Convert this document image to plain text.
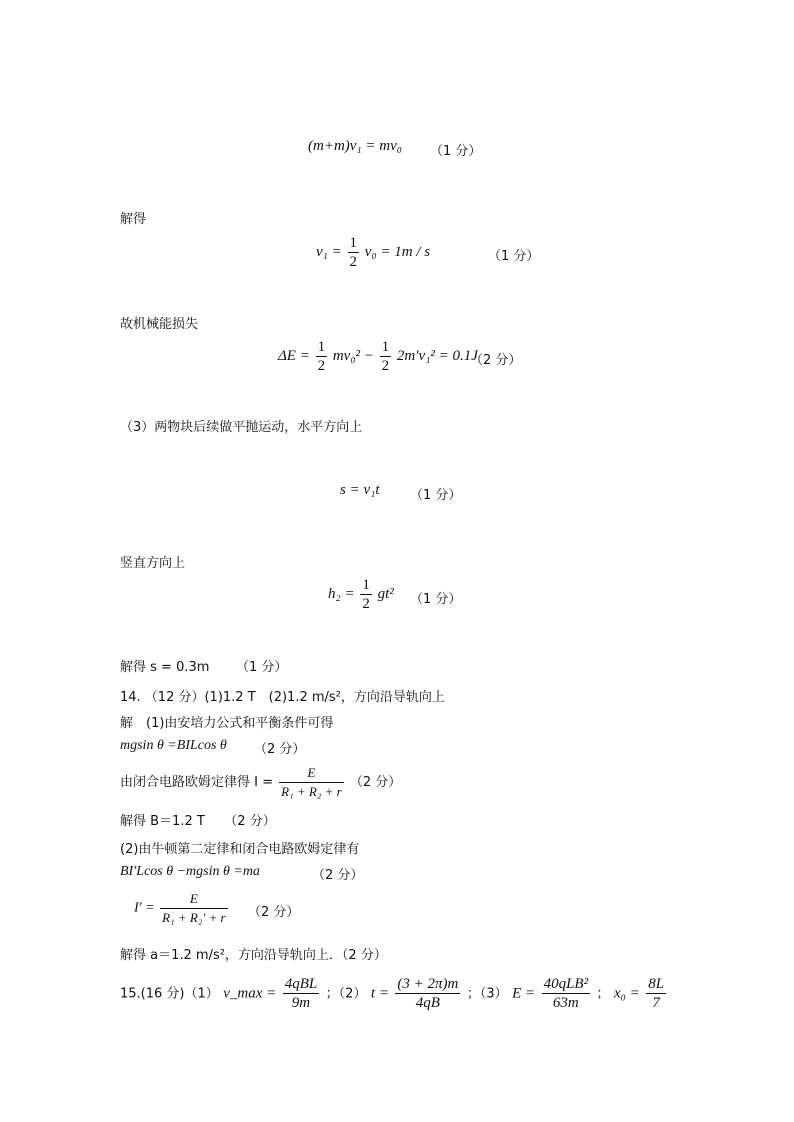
(m+m)v₁ = mv₀ （1 分）
解得
$v_1 = \frac{1}{2} v_0 = 1m / s$	（1 分）
故机械能损失
$\Delta E = \frac{1}{2} mv_0^2 - \frac{1}{2} 2m'v_1^2 = 0.1J$
（2 分）
（3）两物块后续做平抛运动，水平方向上
s = v₁t （1 分）
竖直方向上
$h_2 = \frac{1}{2} gt^2$ （1 分）
解得 s = 0.3m （1 分）
14. （12 分）(1)1.2 T　(2)1.2 m/s²，方向沿导轨向上
解　(1)由安培力公式和平衡条件可得
mgsin θ =BILcos θ （2 分）
由闭合电路欧姆定律得 $I = \frac{E}{\text{R₁ + R₂ + r}} (2$ 分）
解得 B＝1.2 T　　（2 分）
(2)由牛顿第二定律和闭合电路欧姆定律有
BI′Lcos θ −mgsin θ =ma	（2 分）
$I' = \frac{E}{\text{R₁ + R₂′ + r}} (2$ 分）
解得 a＝1.2 m/s²，方向沿导轨向上．（2 分）
15.(16 分)（1） v_max = $\frac{\text{4qBL}}{9m}$ ；（2） $t = \frac{(3 + 2\pi)m}{4qB}$ ；（3） $E = \frac{\text{40qLB²}}{63m}$ ； $x_0 = \frac{8L}{7}$
